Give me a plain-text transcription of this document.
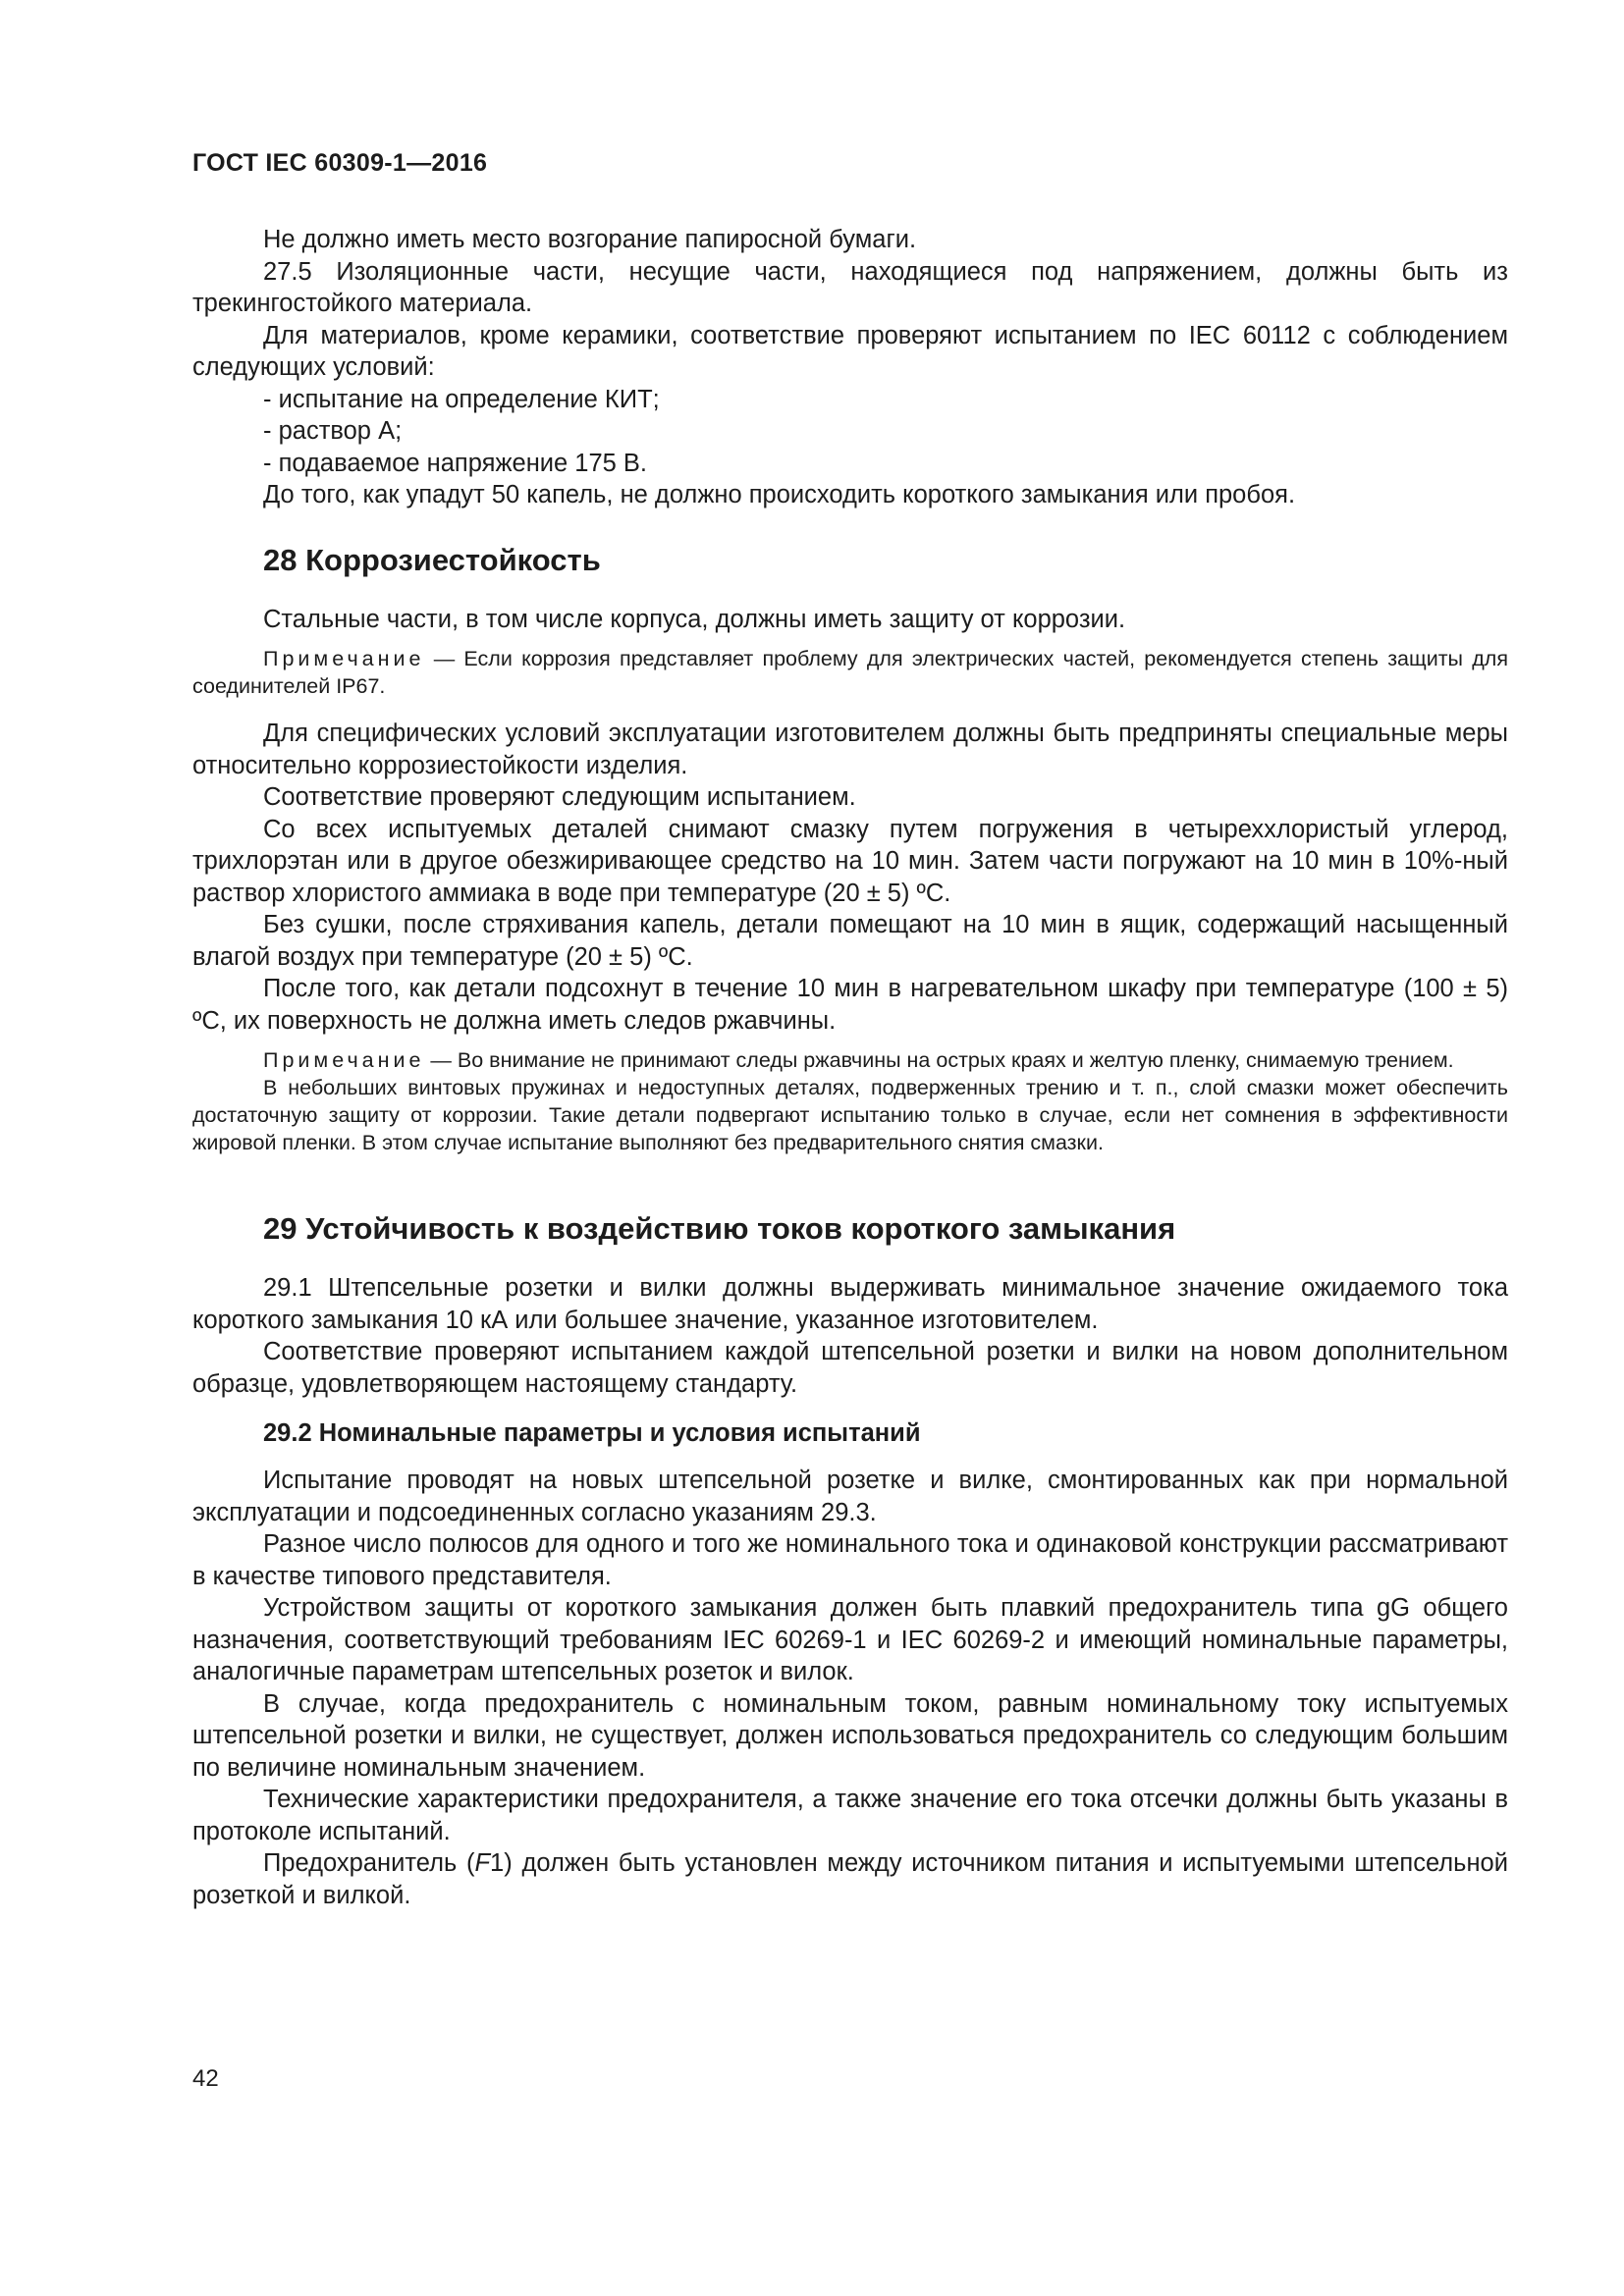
ГОСТ IEC 60309-1—2016

Не должно иметь место возгорание папиросной бумаги.

27.5 Изоляционные части, несущие части, находящиеся под напряжением, должны быть из трекингостойкого материала.

Для материалов, кроме керамики, соответствие проверяют испытанием по IEC 60112 с соблюдением следующих условий:

- испытание на определение КИТ;

- раствор А;

- подаваемое напряжение 175 В.

До того, как упадут 50 капель, не должно происходить короткого замыкания или пробоя.

28 Коррозиестойкость

Стальные части, в том числе корпуса, должны иметь защиту от коррозии.

Примечание — Если коррозия представляет проблему для электрических частей, рекомендуется степень защиты для соединителей IP67.

Для специфических условий эксплуатации изготовителем должны быть предприняты специальные меры относительно коррозиестойкости изделия.

Соответствие проверяют следующим испытанием.

Со всех испытуемых деталей снимают смазку путем погружения в четыреххлористый углерод, трихлорэтан или в другое обезжиривающее средство на 10 мин. Затем части погружают на 10 мин в 10%-ный раствор хлористого аммиака в воде при температуре (20 ± 5) ºС.

Без сушки, после стряхивания капель, детали помещают на 10 мин в ящик, содержащий насыщенный влагой воздух при температуре (20 ± 5) ºС.

После того, как детали подсохнут в течение 10 мин в нагревательном шкафу при температуре (100 ± 5) ºС, их поверхность не должна иметь следов ржавчины.

Примечание — Во внимание не принимают следы ржавчины на острых краях и желтую пленку, снимаемую трением.
В небольших винтовых пружинах и недоступных деталях, подверженных трению и т. п., слой смазки может обеспечить достаточную защиту от коррозии. Такие детали подвергают испытанию только в случае, если нет сомнения в эффективности жировой пленки. В этом случае испытание выполняют без предварительного снятия смазки.
29 Устойчивость к воздействию токов короткого замыкания

29.1 Штепсельные розетки и вилки должны выдерживать минимальное значение ожидаемого тока короткого замыкания 10 кА или большее значение, указанное изготовителем.

Соответствие проверяют испытанием каждой штепсельной розетки и вилки на новом дополнительном образце, удовлетворяющем настоящему стандарту.

29.2 Номинальные параметры и условия испытаний

Испытание проводят на новых штепсельной розетке и вилке, смонтированных как при нормальной эксплуатации и подсоединенных согласно указаниям 29.3.

Разное число полюсов для одного и того же номинального тока и одинаковой конструкции рассматривают в качестве типового представителя.

Устройством защиты от короткого замыкания должен быть плавкий предохранитель типа gG общего назначения, соответствующий требованиям IEC 60269-1 и IEC 60269-2 и имеющий номинальные параметры, аналогичные параметрам штепсельных розеток и вилок.

В случае, когда предохранитель с номинальным током, равным номинальному току испытуемых штепсельной розетки и вилки, не существует, должен использоваться предохранитель со следующим большим по величине номинальным значением.

Технические характеристики предохранителя, а также значение его тока отсечки должны быть указаны в протоколе испытаний.

Предохранитель (F1) должен быть установлен между источником питания и испытуемыми штепсельной розеткой и вилкой.

42
